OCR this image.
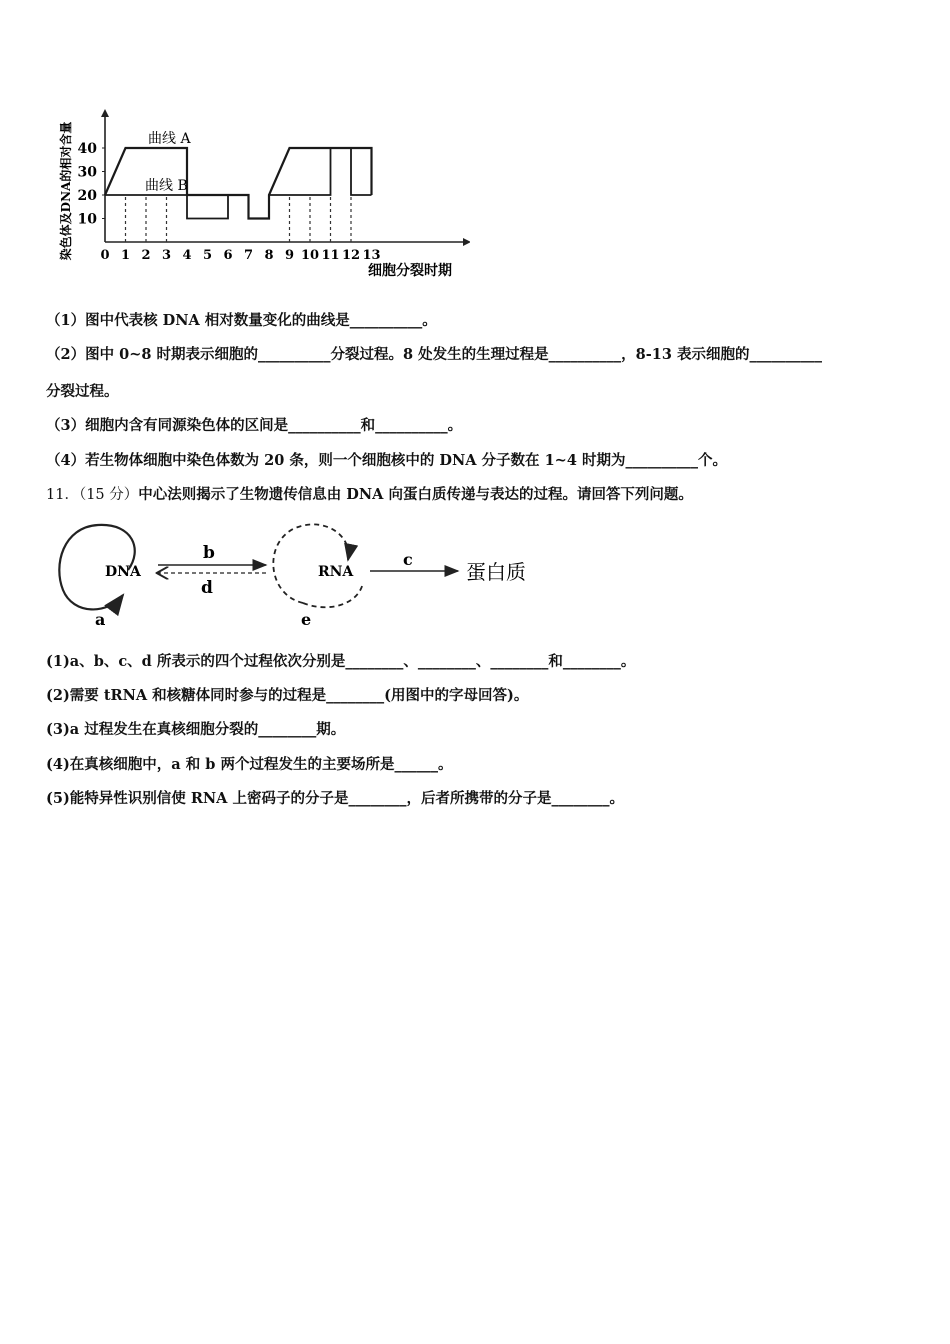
10
20
30
40
0 1 2 3 4 5 6 7 8 9 10 11 12 13
染色体及DNA的相对含量
细胞分裂时期
曲线 A
曲线 B
（1）图中代表核 DNA 相对数量变化的曲线是__________。
（2）图中 0~8 时期表示细胞的__________分裂过程。8 处发生的生理过程是__________，8-13 表示细胞的__________
分裂过程。
（3）细胞内含有同源染色体的区间是__________和__________。
（4）若生物体细胞中染色体数为 20 条，则一个细胞核中的 DNA 分子数在 1~4 时期为__________个。
11．（15 分）中心法则揭示了生物遗传信息由 DNA 向蛋白质传递与表达的过程。请回答下列问题。
DNA
a
b
d
RNA
e
c
蛋白质
(1)a、b、c、d 所表示的四个过程依次分别是________、________、________和________。
(2)需要 tRNA 和核糖体同时参与的过程是________(用图中的字母回答)。
(3)a 过程发生在真核细胞分裂的________期。
(4)在真核细胞中，a 和 b 两个过程发生的主要场所是______。
(5)能特异性识别信使 RNA 上密码子的分子是________，后者所携带的分子是________。
